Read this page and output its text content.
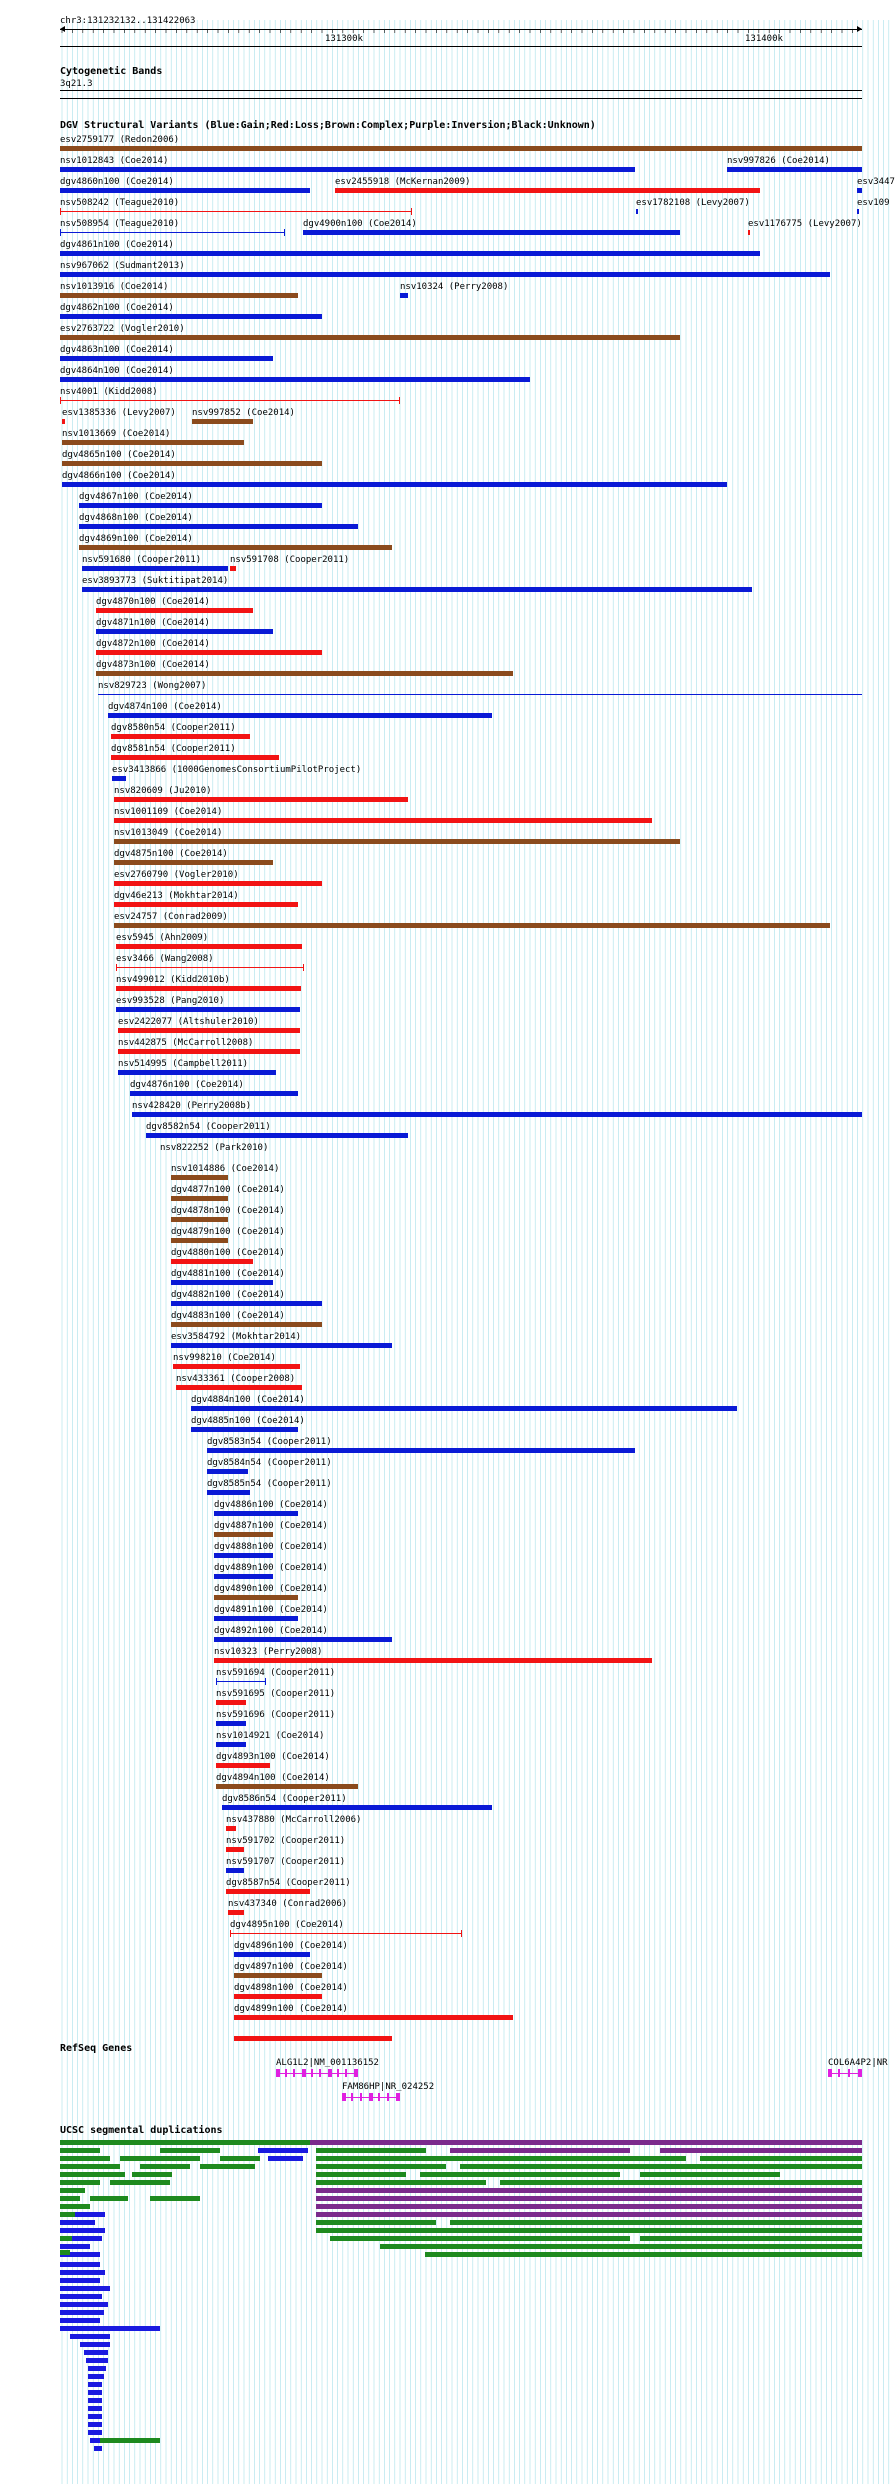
chr3:131232132..131422063
131300k	131400k
Cytogenetic Bands
3q21.3
DGV Structural Variants (Blue:Gain;Red:Loss;Brown:Complex;Purple:Inversion;Black:Unknown)
esv2759177 (Redon2006)
nsv1012843 (Coe2014)	nsv997826 (Coe2014)
dgv4860n100 (Coe2014)	esv2455918 (McKernan2009)	esv3447
nsv508242 (Teague2010)	esv1782108 (Levy2007)	esv109
nsv508954 (Teague2010)	dgv4900n100 (Coe2014)	esv1176775 (Levy2007)
dgv4861n100 (Coe2014)
nsv967062 (Sudmant2013)
nsv1013916 (Coe2014)	nsv10324 (Perry2008)
dgv4862n100 (Coe2014)
esv2763722 (Vogler2010)
dgv4863n100 (Coe2014)
dgv4864n100 (Coe2014)
nsv4001 (Kidd2008)
esv1385336 (Levy2007) nsv997852 (Coe2014)
nsv1013669 (Coe2014)
dgv4865n100 (Coe2014)
dgv4866n100 (Coe2014)
dgv4867n100 (Coe2014)
dgv4868n100 (Coe2014)
dgv4869n100 (Coe2014)
nsv591680 (Cooper2011)	nsv591708 (Cooper2011)
esv3893773 (Suktitipat2014)
dgv4870n100 (Coe2014)
dgv4871n100 (Coe2014)
dgv4872n100 (Coe2014)
dgv4873n100 (Coe2014)
nsv829723 (Wong2007)
dgv4874n100 (Coe2014)
dgv8580n54 (Cooper2011)
dgv8581n54 (Cooper2011)
esv3413866 (1000GenomesConsortiumPilotProject)
nsv820609 (Ju2010)
nsv1001109 (Coe2014)
nsv1013049 (Coe2014)
dgv4875n100 (Coe2014)
esv2760790 (Vogler2010)
dgv46e213 (Mokhtar2014)
esv24757 (Conrad2009)
esv5945 (Ahn2009)
esv3466 (Wang2008)
nsv499012 (Kidd2010b)
esv993528 (Pang2010)
esv2422077 (Altshuler2010)
nsv442875 (McCarroll2008)
nsv514995 (Campbell2011)
dgv4876n100 (Coe2014)
nsv428420 (Perry2008b)
dgv8582n54 (Cooper2011)
nsv822252 (Park2010)
nsv1014886 (Coe2014)
dgv4877n100 (Coe2014)
dgv4878n100 (Coe2014)
dgv4879n100 (Coe2014)
dgv4880n100 (Coe2014)
dgv4881n100 (Coe2014)
dgv4882n100 (Coe2014)
dgv4883n100 (Coe2014)
esv3584792 (Mokhtar2014)
nsv998210 (Coe2014)
nsv433361 (Cooper2008)
dgv4884n100 (Coe2014)
dgv4885n100 (Coe2014)
dgv8583n54 (Cooper2011)
dgv8584n54 (Cooper2011)
dgv8585n54 (Cooper2011)
dgv4886n100 (Coe2014)
dgv4887n100 (Coe2014)
dgv4888n100 (Coe2014)
dgv4889n100 (Coe2014)
dgv4890n100 (Coe2014)
dgv4891n100 (Coe2014)
dgv4892n100 (Coe2014)
nsv10323 (Perry2008)
nsv591694 (Cooper2011)
nsv591695 (Cooper2011)
nsv591696 (Cooper2011)
nsv1014921 (Coe2014)
dgv4893n100 (Coe2014)
dgv4894n100 (Coe2014)
dgv8586n54 (Cooper2011)
nsv437880 (McCarroll2006)
nsv591702 (Cooper2011)
nsv591707 (Cooper2011)
dgv8587n54 (Cooper2011)
nsv437340 (Conrad2006)
dgv4895n100 (Coe2014)
dgv4896n100 (Coe2014)
dgv4897n100 (Coe2014)
dgv4898n100 (Coe2014)
dgv4899n100 (Coe2014)
RefSeq Genes
ALG1L2|NM_001136152	COL6A4P2|NR
FAM86HP|NR_024252
UCSC segmental duplications
